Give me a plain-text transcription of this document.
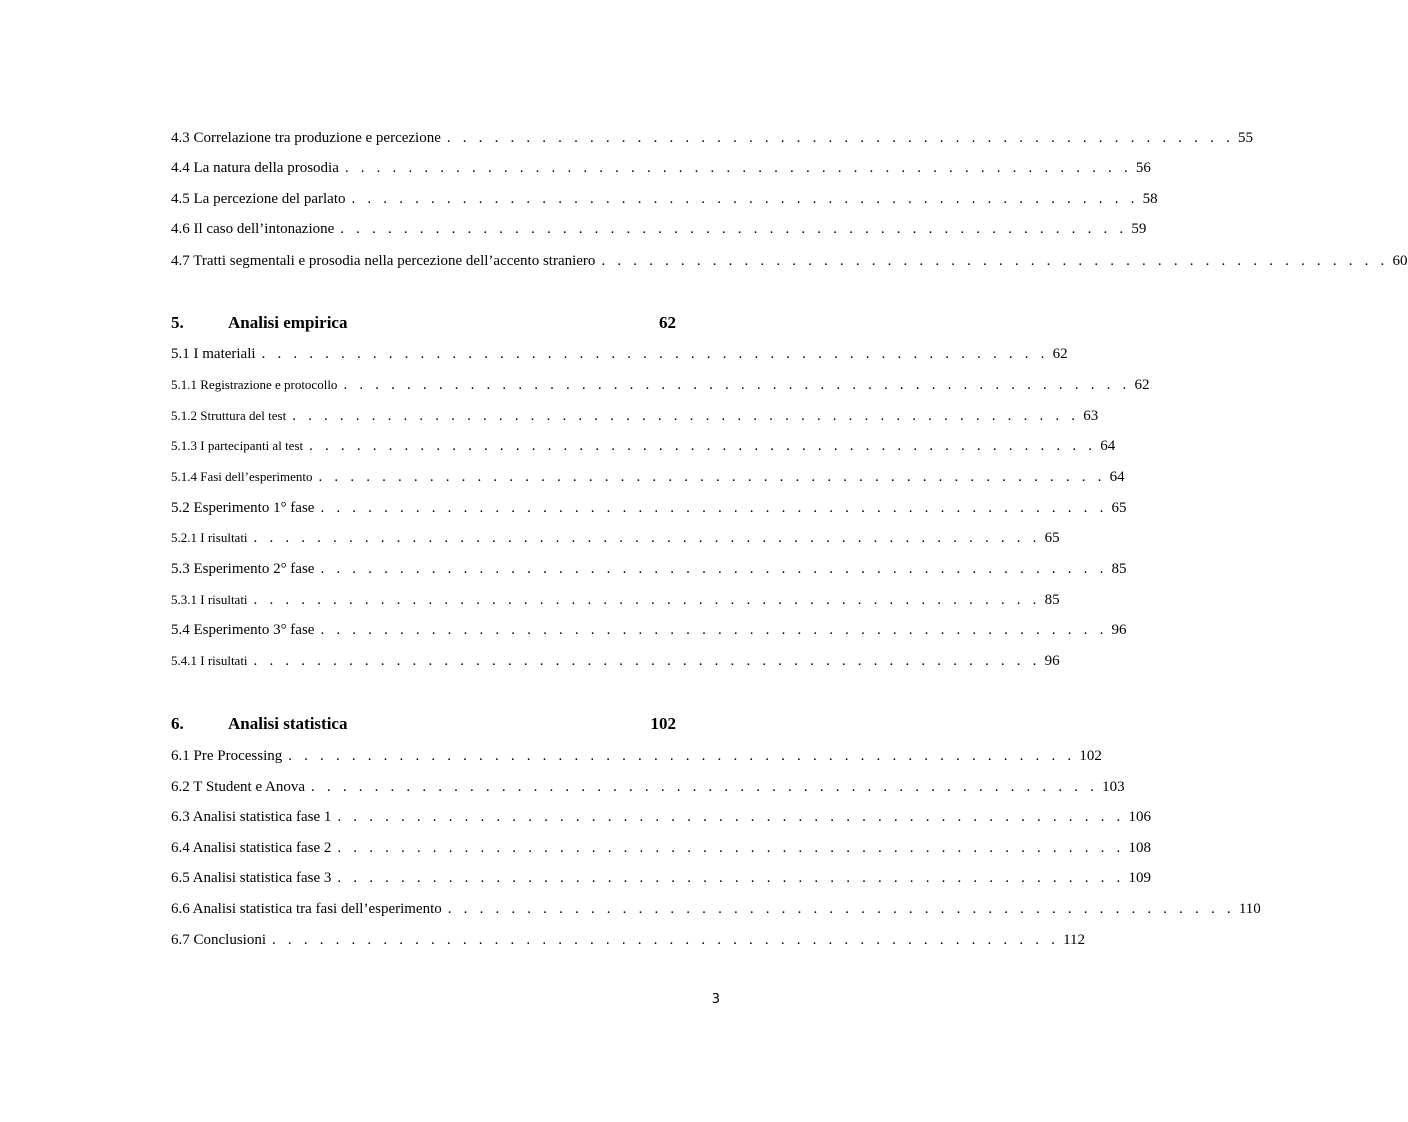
4.3 Correlazione tra produzione e percezione . . . . . . . . . . . . . . . . . . . . . . . . . . . . . . . . . . . . . . . . . . . . . . . . . . 55
4.4 La natura della prosodia . . . . . . . . . . . . . . . . . . . . . . . . . . . . . . . . . . . . . . . . . . . . . . . . . . 56
4.5 La percezione del parlato . . . . . . . . . . . . . . . . . . . . . . . . . . . . . . . . . . . . . . . . . . . . . . . . . . 58
4.6 Il caso dell’intonazione . . . . . . . . . . . . . . . . . . . . . . . . . . . . . . . . . . . . . . . . . . . . . . . . . . 59
4.7 Tratti segmentali e prosodia nella percezione dell’accento straniero . . . . . . . . . . . . . . . . . . . . . . . . . . . . . . . . . . . . . . . . . . . . . . . . . . 60
5.	Analisi empirica	62
5.1 I materiali . . . . . . . . . . . . . . . . . . . . . . . . . . . . . . . . . . . . . . . . . . . . . . . . . . 62
5.1.1 Registrazione e protocollo . . . . . . . . . . . . . . . . . . . . . . . . . . . . . . . . . . . . . . . . . . . . . . . . . . 62
5.1.2 Struttura del test . . . . . . . . . . . . . . . . . . . . . . . . . . . . . . . . . . . . . . . . . . . . . . . . . . 63
5.1.3 I partecipanti al test . . . . . . . . . . . . . . . . . . . . . . . . . . . . . . . . . . . . . . . . . . . . . . . . . . 64
5.1.4 Fasi dell’esperimento . . . . . . . . . . . . . . . . . . . . . . . . . . . . . . . . . . . . . . . . . . . . . . . . . . 64
5.2 Esperimento 1° fase . . . . . . . . . . . . . . . . . . . . . . . . . . . . . . . . . . . . . . . . . . . . . . . . . . 65
5.2.1 I risultati . . . . . . . . . . . . . . . . . . . . . . . . . . . . . . . . . . . . . . . . . . . . . . . . . . 65
5.3 Esperimento 2° fase . . . . . . . . . . . . . . . . . . . . . . . . . . . . . . . . . . . . . . . . . . . . . . . . . . 85
5.3.1 I risultati . . . . . . . . . . . . . . . . . . . . . . . . . . . . . . . . . . . . . . . . . . . . . . . . . . 85
5.4 Esperimento 3° fase . . . . . . . . . . . . . . . . . . . . . . . . . . . . . . . . . . . . . . . . . . . . . . . . . . 96
5.4.1 I risultati . . . . . . . . . . . . . . . . . . . . . . . . . . . . . . . . . . . . . . . . . . . . . . . . . . 96
6.	Analisi statistica	102
6.1 Pre Processing . . . . . . . . . . . . . . . . . . . . . . . . . . . . . . . . . . . . . . . . . . . . . . . . . . 102
6.2 T Student e Anova . . . . . . . . . . . . . . . . . . . . . . . . . . . . . . . . . . . . . . . . . . . . . . . . . . 103
6.3 Analisi statistica fase 1 . . . . . . . . . . . . . . . . . . . . . . . . . . . . . . . . . . . . . . . . . . . . . . . . . . 106
6.4 Analisi statistica fase 2 . . . . . . . . . . . . . . . . . . . . . . . . . . . . . . . . . . . . . . . . . . . . . . . . . . 108
6.5 Analisi statistica fase 3 . . . . . . . . . . . . . . . . . . . . . . . . . . . . . . . . . . . . . . . . . . . . . . . . . . 109
6.6 Analisi statistica tra fasi dell’esperimento . . . . . . . . . . . . . . . . . . . . . . . . . . . . . . . . . . . . . . . . . . . . . . . . . . 110
6.7 Conclusioni . . . . . . . . . . . . . . . . . . . . . . . . . . . . . . . . . . . . . . . . . . . . . . . . . . 112
3
